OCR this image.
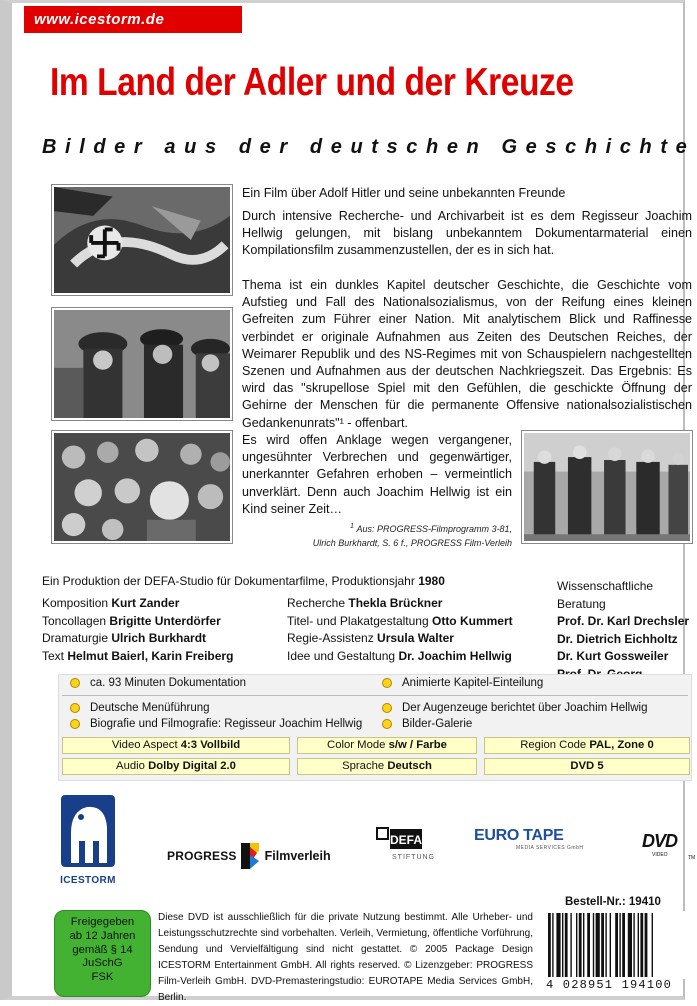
www.icestorm.de
Im Land der Adler und der Kreuze
Bilder aus der deutschen Geschichte
Ein Film über Adolf Hitler und seine unbekannten Freunde
Durch intensive Recherche- und Archivarbeit ist es dem Regisseur Joachim Hellwig gelungen, mit bislang unbekanntem Dokumentarmaterial einen Kompilationsfilm zusammenzustellen, der es in sich hat.
Thema ist ein dunkles Kapitel deutscher Geschichte, die Geschichte vom Aufstieg und Fall des Nationalsozialismus, von der Reifung eines kleinen Gefreiten zum Führer einer Nation. Mit analytischem Blick und Raffinesse verbindet er originale Aufnahmen aus Zeiten des Deutschen Reiches, der Weimarer Republik und des NS-Regimes mit von Schauspielern nachgestellten Szenen und Aufnahmen aus der deutschen Nachkriegszeit. Das Ergebnis: Es wird das "skrupellose Spiel mit den Gefühlen, die geschickte Öffnung der Gehirne der Menschen für die permanente Offensive nationalsozialistischen Gedankenunrats"¹ - offenbart.
Es wird offen Anklage wegen vergangener, ungesühnter Verbrechen und gegenwärtiger, unerkannter Gefahren erhoben – vermeintlich unverklärt. Denn auch Joachim Hellwig ist ein Kind seiner Zeit…
$^1$ Aus: PROGRESS-Filmprogramm 3-81,
Ulrich Burkhardt, S. 6 f., PROGRESS Film-Verleih
Ein Produktion der DEFA-Studio für Dokumentarfilme, Produktionsjahr 1980
Komposition Kurt Zander
Toncollagen Brigitte Unterdörfer
Dramaturgie Ulrich Burkhardt
Text Helmut Baierl, Karin Freiberg
Recherche Thekla Brückner
Titel- und Plakatgestaltung Otto Kummert
Regie-Assistenz Ursula Walter
Idee und Gestaltung Dr. Joachim Hellwig
Wissenschaftliche Beratung
Prof. Dr. Karl Drechsler
Dr. Dietrich Eichholtz
Dr. Kurt Gossweiler
ca. 93 Minuten Dokumentation	Animierte Kapitel-Einteilung
Deutsche Menüführung	Der Augenzeuge berichtet über Joachim Hellwig
Biografie und Filmografie: Regisseur Joachim Hellwig	Bilder-Galerie
Video Aspect 4:3 Vollbild	Color Mode s/w / Farbe	Region Code PAL, Zone 0
Audio Dolby Digital 2.0	Sprache Deutsch	DVD 5
ICESTORM
PROGRESS Filmverleih
DEFA
STIFTUNG
EURO TAPE
MEDIA SERVICES GmbH	DVD
VIDEO	TM
Freigegeben
ab 12 Jahren
gemäß § 14
JuSchG
FSK
Diese DVD ist ausschließlich für die private Nutzung bestimmt. Alle Urheber- und Leistungsschutzrechte sind vorbehalten. Verleih, Vermietung, öffentliche Vorführung, Sendung und Vervielfältigung sind nicht gestattet. © 2005 Package Design ICESTORM Entertainment GmbH. All rights reserved. © Lizenzgeber: PROGRESS Film-Verleih GmbH. DVD-Premasteringstudio: EUROTAPE Media Services GmbH, Berlin.
Bestell-Nr.: 19410
4 028951 194100
